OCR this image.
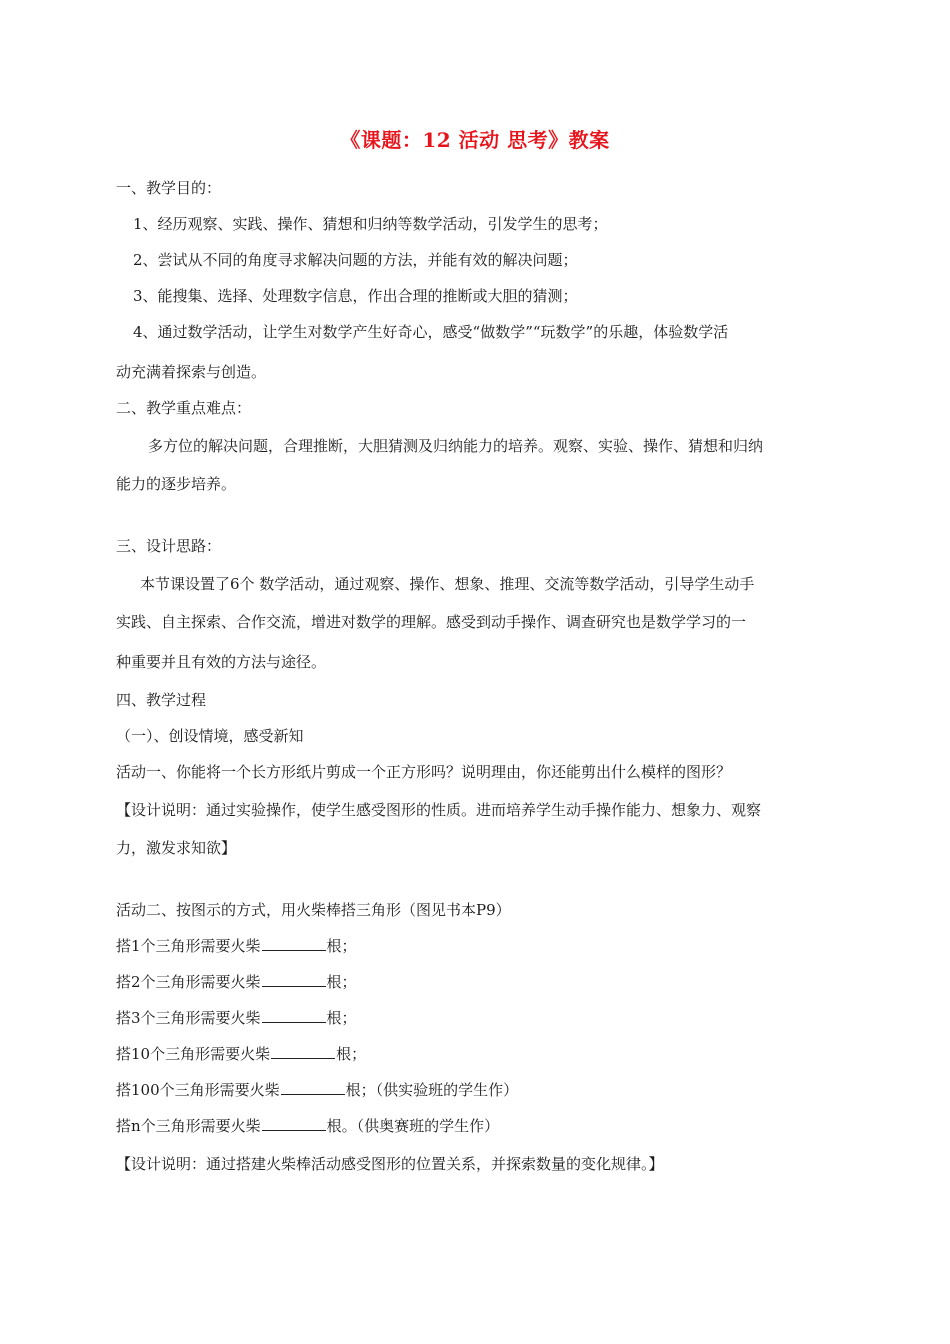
《课题：12 活动 思考》教案
一、教学目的：
1、经历观察、实践、操作、猜想和归纳等数学活动，引发学生的思考；
2、尝试从不同的角度寻求解决问题的方法，并能有效的解决问题；
3、能搜集、选择、处理数字信息，作出合理的推断或大胆的猜测；
4、通过数学活动，让学生对数学产生好奇心，感受“做数学”“玩数学”的乐趣，体验数学活
动充满着探索与创造。
二、教学重点难点：
多方位的解决问题，合理推断，大胆猜测及归纳能力的培养。观察、实验、操作、猜想和归纳
能力的逐步培养。
三、设计思路：
本节课设置了6个 数学活动，通过观察、操作、想象、推理、交流等数学活动，引导学生动手
实践、自主探索、合作交流，增进对数学的理解。感受到动手操作、调查研究也是数学学习的一
种重要并且有效的方法与途径。
四、教学过程
（一）、创设情境，感受新知
活动一、你能将一个长方形纸片剪成一个正方形吗？说明理由，你还能剪出什么模样的图形？
【设计说明：通过实验操作，使学生感受图形的性质。进而培养学生动手操作能力、想象力、观察
力，激发求知欲】
活动二、按图示的方式，用火柴棒搭三角形（图见书本P9）
搭1个三角形需要火柴	根；
搭2个三角形需要火柴	根；
搭3个三角形需要火柴	根；
搭10个三角形需要火柴	根；
搭100个三角形需要火柴	根；（供实验班的学生作）
搭n个三角形需要火柴	根。（供奥赛班的学生作）
【设计说明：通过搭建火柴棒活动感受图形的位置关系，并探索数量的变化规律。】
